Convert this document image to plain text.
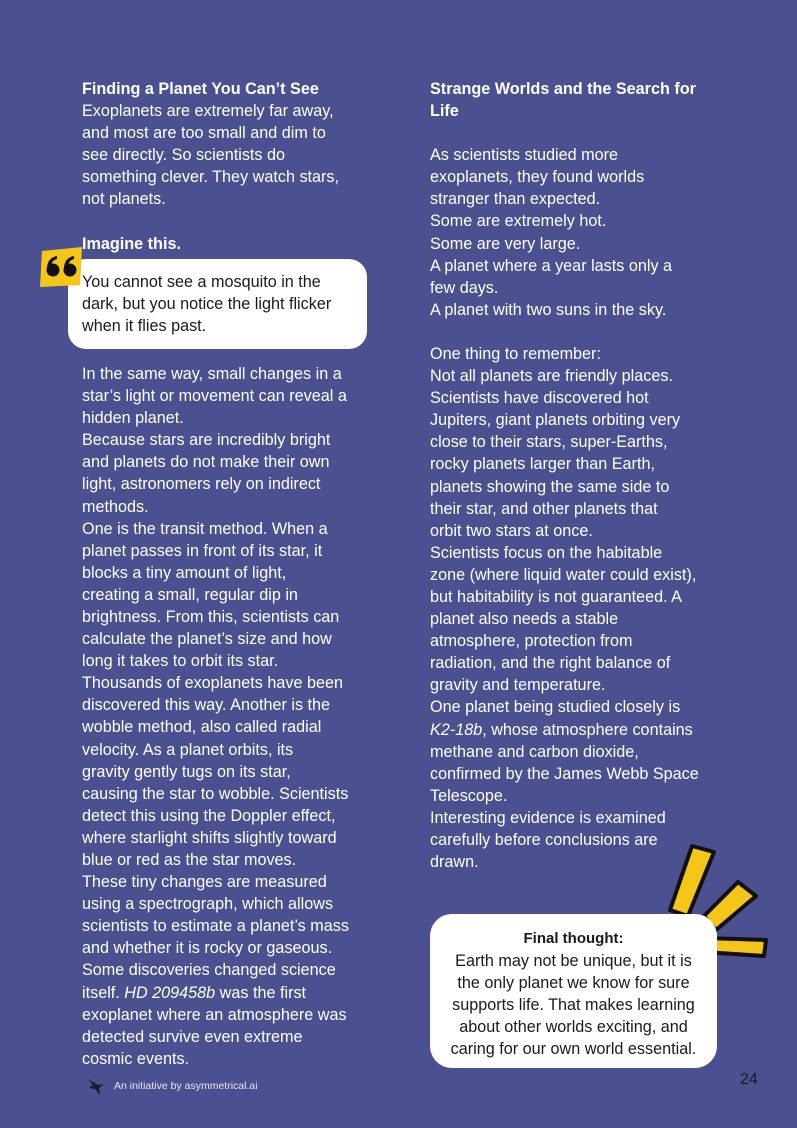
Finding a Planet You Can’t See

Exoplanets are extremely far away,

and most are too small and dim to

see directly. So scientists do

something clever. They watch stars,

not planets.

Imagine this.

You cannot see a mosquito in the

dark, but you notice the light flicker

when it flies past.

In the same way, small changes in a

star’s light or movement can reveal a

hidden planet.

Because stars are incredibly bright

and planets do not make their own

light, astronomers rely on indirect

methods.

One is the transit method. When a

planet passes in front of its star, it

blocks a tiny amount of light,

creating a small, regular dip in

brightness. From this, scientists can

calculate the planet’s size and how

long it takes to orbit its star.

Thousands of exoplanets have been

discovered this way. Another is the

wobble method, also called radial

velocity. As a planet orbits, its

gravity gently tugs on its star,

causing the star to wobble. Scientists

detect this using the Doppler effect,

where starlight shifts slightly toward

blue or red as the star moves.

These tiny changes are measured

using a spectrograph, which allows

scientists to estimate a planet’s mass

and whether it is rocky or gaseous.

Some discoveries changed science

itself. HD 209458b was the first

exoplanet where an atmosphere was

detected survive even extreme

cosmic events.

Strange Worlds and the Search for

Life

As scientists studied more

exoplanets, they found worlds

stranger than expected.

Some are extremely hot.

Some are very large.

A planet where a year lasts only a

few days.

A planet with two suns in the sky.

One thing to remember:

Not all planets are friendly places.

Scientists have discovered hot

Jupiters, giant planets orbiting very

close to their stars, super-Earths,

rocky planets larger than Earth,

planets showing the same side to

their star, and other planets that

orbit two stars at once.

Scientists focus on the habitable

zone (where liquid water could exist),

but habitability is not guaranteed. A

planet also needs a stable

atmosphere, protection from

radiation, and the right balance of

gravity and temperature.

One planet being studied closely is

K2-18b, whose atmosphere contains

methane and carbon dioxide,

confirmed by the James Webb Space

Telescope.

Interesting evidence is examined

carefully before conclusions are

drawn.

Final thought:

Earth may not be unique, but it is

the only planet we know for sure

supports life. That makes learning

about other worlds exciting, and

caring for our own world essential.

An initiative by asymmetrical.ai	24
